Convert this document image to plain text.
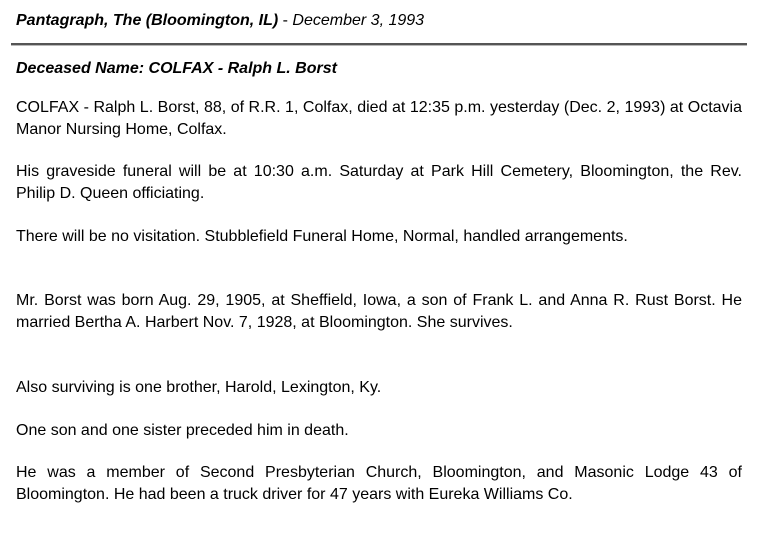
Pantagraph, The (Bloomington, IL) - December 3, 1993
Deceased Name: COLFAX - Ralph L. Borst

COLFAX - Ralph L. Borst, 88, of R.R. 1, Colfax, died at 12:35 p.m. yesterday (Dec. 2, 1993) at Octavia Manor Nursing Home, Colfax.

His graveside funeral will be at 10:30 a.m. Saturday at Park Hill Cemetery, Bloomington, the Rev. Philip D. Queen officiating.

There will be no visitation. Stubblefield Funeral Home, Normal, handled arrangements.

Mr. Borst was born Aug. 29, 1905, at Sheffield, Iowa, a son of Frank L. and Anna R. Rust Borst. He married Bertha A. Harbert Nov. 7, 1928, at Bloomington. She survives.

Also surviving is one brother, Harold, Lexington, Ky.

One son and one sister preceded him in death.

He was a member of Second Presbyterian Church, Bloomington, and Masonic Lodge 43 of Bloomington. He had been a truck driver for 47 years with Eureka Williams Co.
